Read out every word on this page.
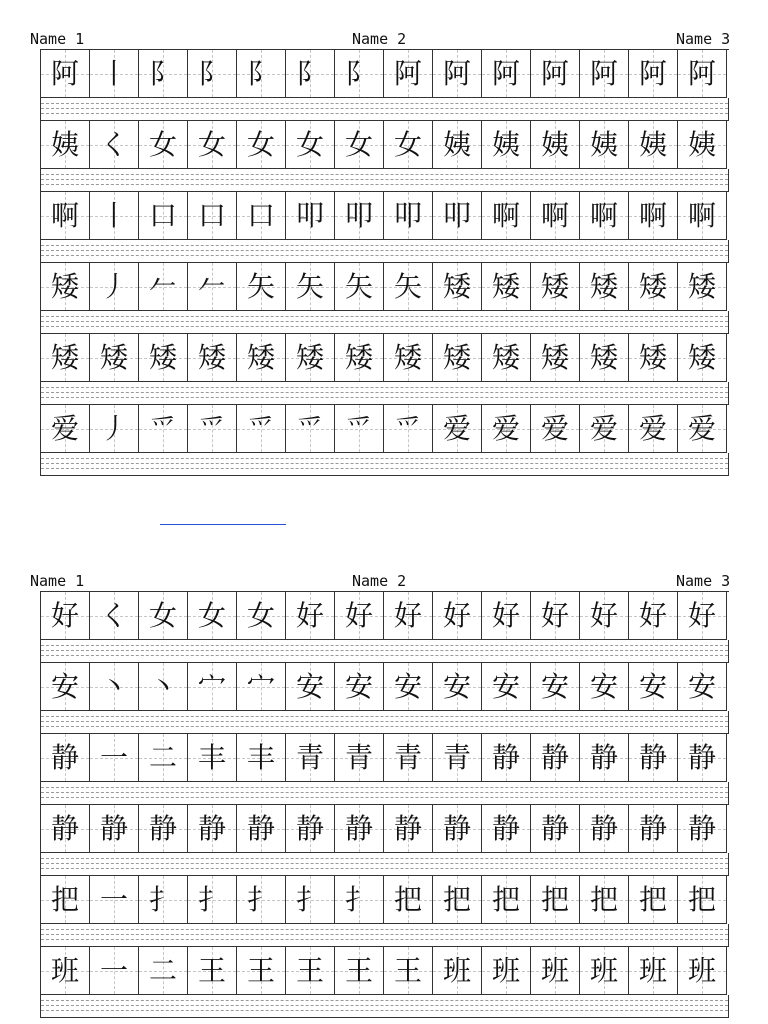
Name 1	Name 2	Name 3
阿 丨 阝 阝 阝 阝 阝 阿 阿 阿 阿 阿 阿 阿
姨 く 女 女 女 女 女 女 姨 姨 姨 姨 姨 姨
啊 丨 口 口 口 叩 叩 叩 叩 啊 啊 啊 啊 啊
矮 丿 𠂉 𠂉 矢 矢 矢 矢 矮 矮 矮 矮 矮 矮
矮 矮 矮 矮 矮 矮 矮 矮 矮 矮 矮 矮 矮 矮
爱 丿 爫 爫 爫 爫 爫 爫 爱 爱 爱 爱 爱 爱
Name 1	Name 2	Name 3
好 く 女 女 女 好 好 好 好 好 好 好 好 好
安 丶 丶 宀 宀 安 安 安 安 安 安 安 安 安
静 一 二 丰 丰 青 青 青 青 静 静 静 静 静
静 静 静 静 静 静 静 静 静 静 静 静 静 静
把 一 扌 扌 扌 扌 扌 把 把 把 把 把 把 把
班 一 二 王 王 王 王 王 班 班 班 班 班 班
